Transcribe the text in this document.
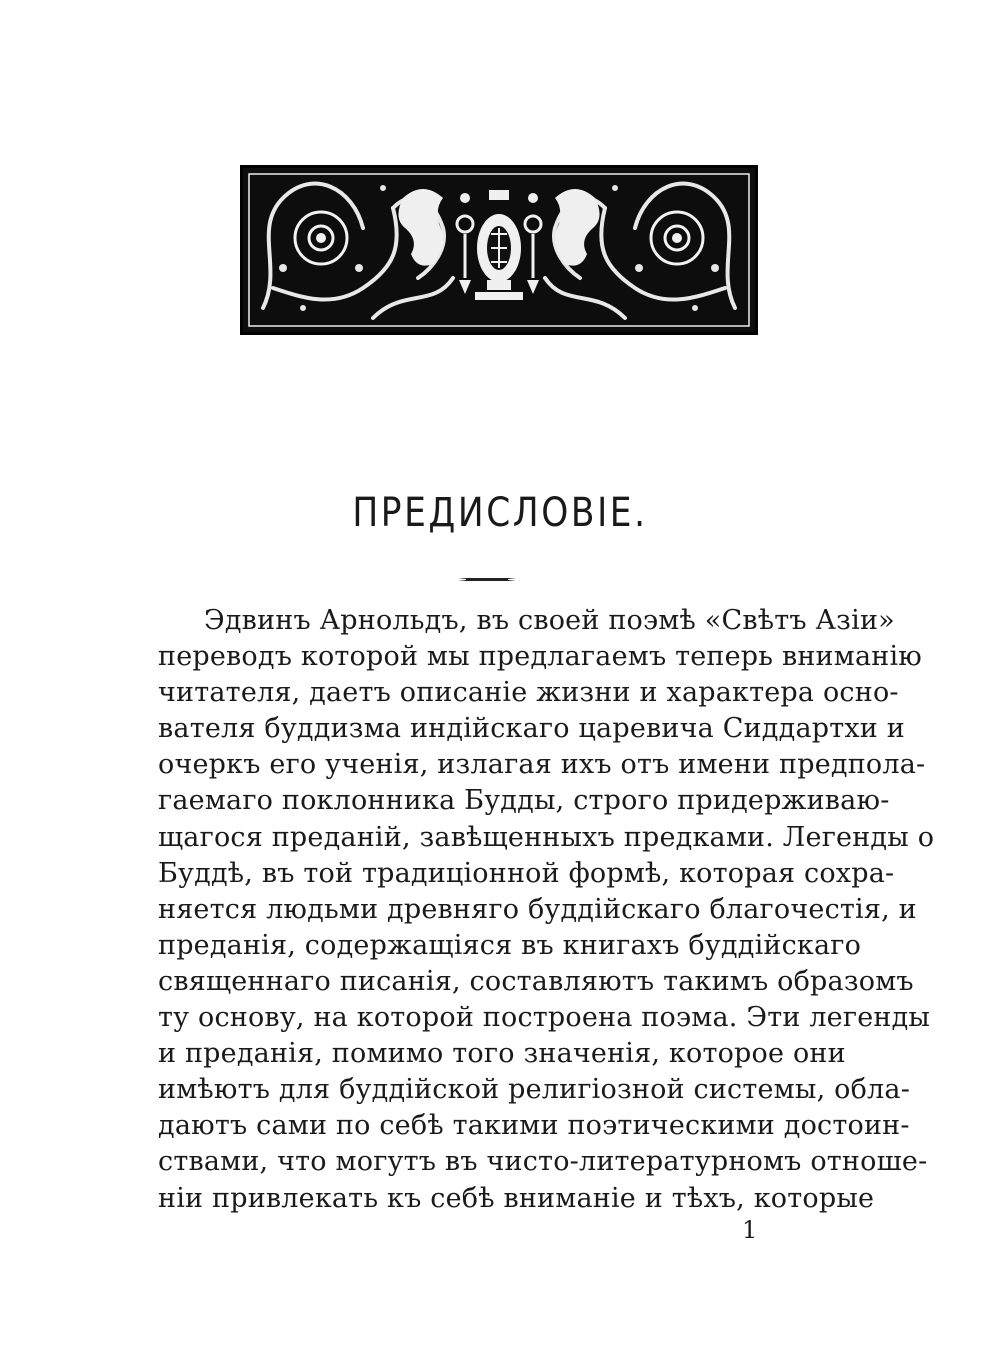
ПРЕДИСЛОВІЕ.
Эдвинъ Арнольдъ, въ своей поэмѣ «Свѣтъ Азіи»
переводъ которой мы предлагаемъ теперь вниманію
читателя, даетъ описаніе жизни и характера осно-
вателя буддизма индійскаго царевича Сиддартхи и
очеркъ его ученія, излагая ихъ отъ имени предпола-
гаемаго поклонника Будды, строго придерживаю-
щагося преданій, завѣщенныхъ предками. Легенды о
Буддѣ, въ той традиціонной формѣ, которая сохра-
няется людьми древняго буддійскаго благочестія, и
преданія, содержащіяся въ книгахъ буддійскаго
священнаго писанія, составляютъ такимъ образомъ
ту основу, на которой построена поэма. Эти легенды
и преданія, помимо того значенія, которое они
имѣютъ для буддійской религіозной системы, обла-
даютъ сами по себѣ такими поэтическими достоин-
ствами, что могутъ въ чисто-литературномъ отноше-
ніи привлекать къ себѣ вниманіе и тѣхъ, которые
1
